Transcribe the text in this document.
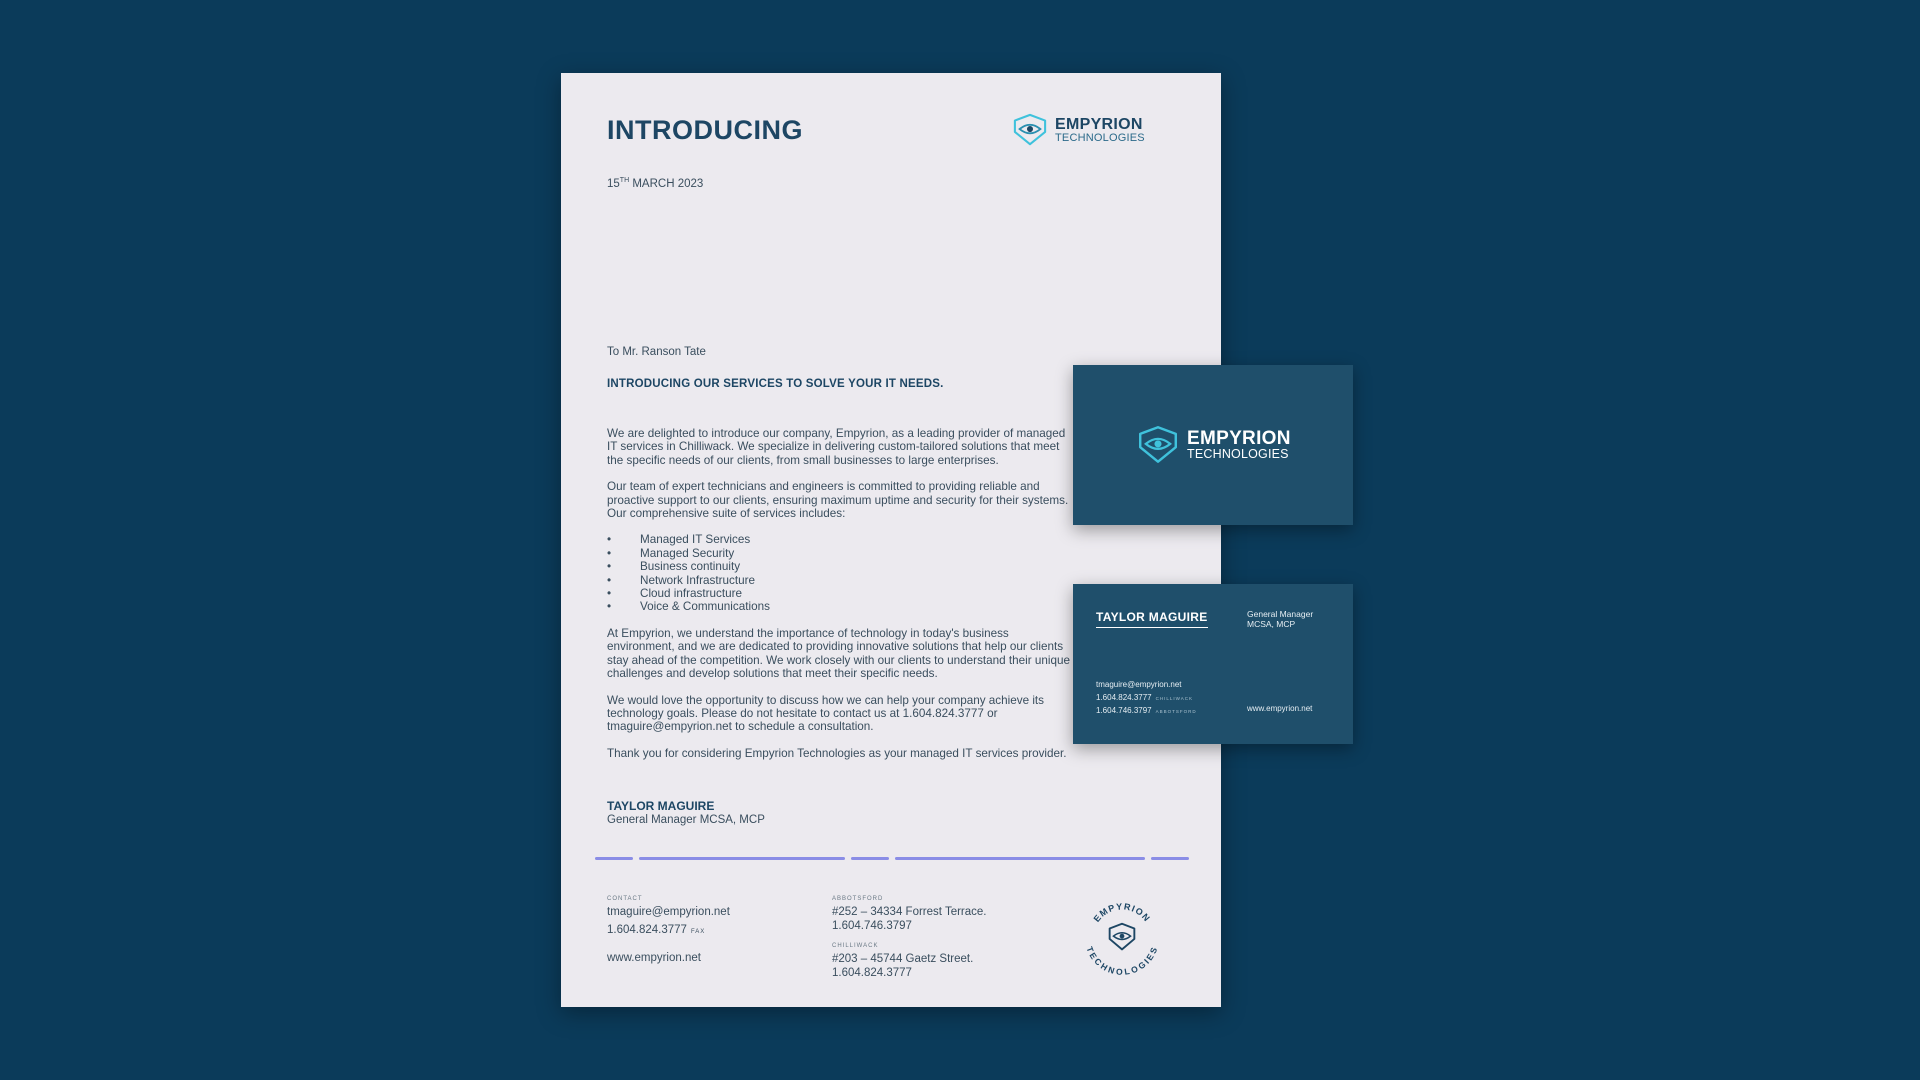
INTRODUCING	EMPYRION
TECHNOLOGIES
15TH MARCH 2023
To Mr. Ranson Tate
INTRODUCING OUR SERVICES TO SOLVE YOUR IT NEEDS.

We are delighted to introduce our company, Empyrion, as a leading provider of managed IT services in Chilliwack. We specialize in delivering custom-tailored solutions that meet the specific needs of our clients, from small businesses to large enterprises.

Our team of expert technicians and engineers is committed to providing reliable and proactive support to our clients, ensuring maximum uptime and security for their systems. Our comprehensive suite of services includes:

• Managed IT Services
• Managed Security
• Business continuity
• Network Infrastructure
• Cloud infrastructure
• Voice & Communications

At Empyrion, we understand the importance of technology in today's business environment, and we are dedicated to providing innovative solutions that help our clients stay ahead of the competition. We work closely with our clients to understand their unique challenges and develop solutions that meet their specific needs.

We would love the opportunity to discuss how we can help your company achieve its technology goals. Please do not hesitate to contact us at 1.604.824.3777 or tmaguire@empyrion.net to schedule a consultation.

Thank you for considering Empyrion Technologies as your managed IT services provider.

TAYLOR MAGUIRE
General Manager MCSA, MCP
CONTACT
tmaguire@empyrion.net
1.604.824.3777 FAX
www.empyrion.net
ABBOTSFORD
#252 – 34334 Forrest Terrace.
1.604.746.3797
CHILLIWACK
#203 – 45744 Gaetz Street.
1.604.824.3777
EMPYRION
TECHNOLOGIES
EMPYRION
TECHNOLOGIES
TAYLOR MAGUIRE	General Manager
MCSA, MCP
tmaguire@empyrion.net
1.604.824.3777 CHILLIWACK
1.604.746.3797 ABBOTSFORD	www.empyrion.net
